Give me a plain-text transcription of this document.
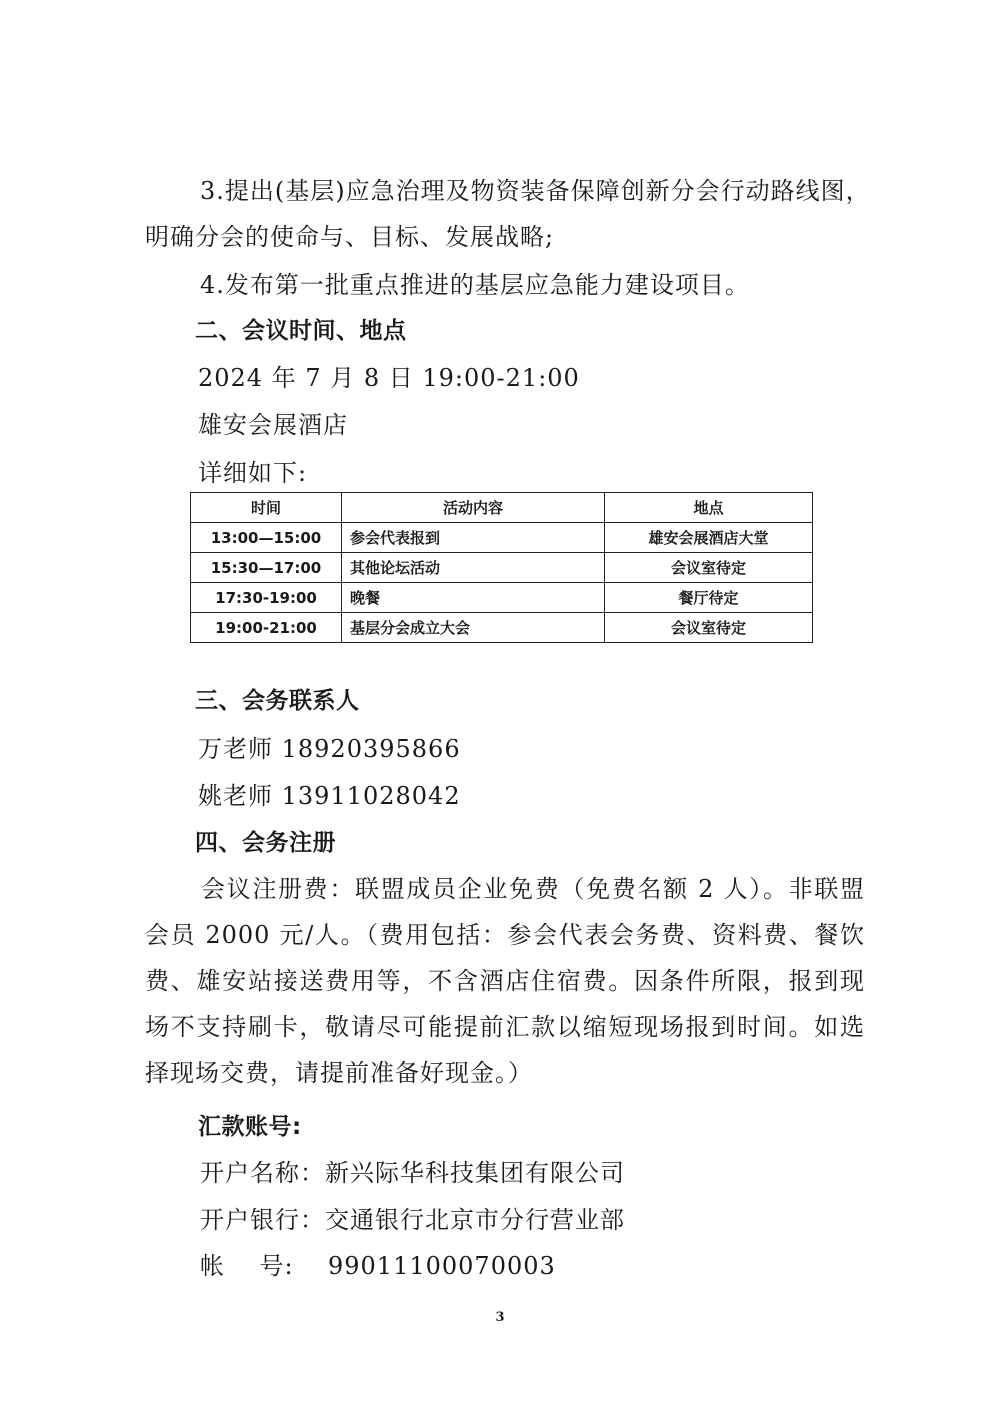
3.提出(基层)应急治理及物资装备保障创新分会行动路线图，
明确分会的使命与、目标、发展战略;
4.发布第一批重点推进的基层应急能力建设项目。
二、会议时间、地点
2024 年 7 月 8 日 19:00-21:00
雄安会展酒店
详细如下:
时间	活动内容	地点
13:00—15:00	参会代表报到	雄安会展酒店大堂
15:30—17:00	其他论坛活动	会议室待定
17:30-19:00	晚餐	餐厅待定
19:00-21:00	基层分会成立大会	会议室待定
三、会务联系人
万老师 18920395866
姚老师 13911028042
四、会务注册
会议注册费：联盟成员企业免费（免费名额 2 人）。非联盟会员 2000 元/人。（费用包括：参会代表会务费、资料费、餐饮费、雄安站接送费用等，不含酒店住宿费。因条件所限，报到现场不支持刷卡，敬请尽可能提前汇款以缩短现场报到时间。如选择现场交费，请提前准备好现金。）
汇款账号:
开户名称：新兴际华科技集团有限公司
开户银行：交通银行北京市分行营业部
帐    号: 99011100070003
3
